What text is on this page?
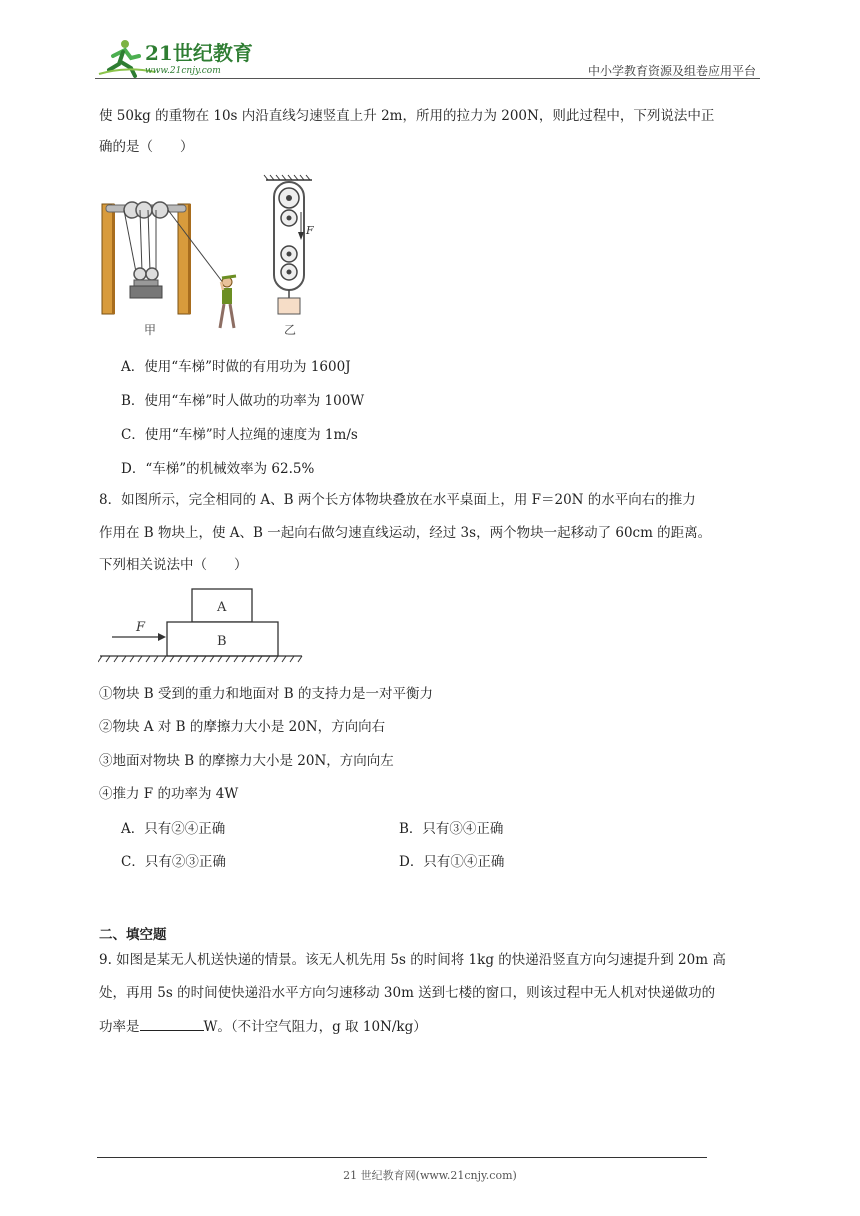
21世纪教育
www.21cnjy.com	中小学教育资源及组卷应用平台
使 50kg 的重物在 10s 内沿直线匀速竖直上升 2m，所用的拉力为 200N，则此过程中，下列说法中正
确的是（　　）
甲
F
乙
A．使用“车梯”时做的有用功为 1600J
B．使用“车梯”时人做功的功率为 100W
C．使用“车梯”时人拉绳的速度为 1m/s
D．“车梯”的机械效率为 62.5%
8．如图所示，完全相同的 A、B 两个长方体物块叠放在水平桌面上，用 F＝20N 的水平向右的推力
作用在 B 物块上，使 A、B 一起向右做匀速直线运动，经过 3s，两个物块一起移动了 60cm 的距离。
下列相关说法中（　　）
A
B
F
①物块 B 受到的重力和地面对 B 的支持力是一对平衡力
②物块 A 对 B 的摩擦力大小是 20N，方向向右
③地面对物块 B 的摩擦力大小是 20N，方向向左
④推力 F 的功率为 4W
A．只有②④正确	B．只有③④正确
C．只有②③正确	D．只有①④正确
二、填空题
9. 如图是某无人机送快递的情景。该无人机先用 5s 的时间将 1kg 的快递沿竖直方向匀速提升到 20m 高
处，再用 5s 的时间使快递沿水平方向匀速移动 30m 送到七楼的窗口，则该过程中无人机对快递做功的
功率是	W。（不计空气阻力，g 取 10N/kg）
21 世纪教育网(www.21cnjy.com)
